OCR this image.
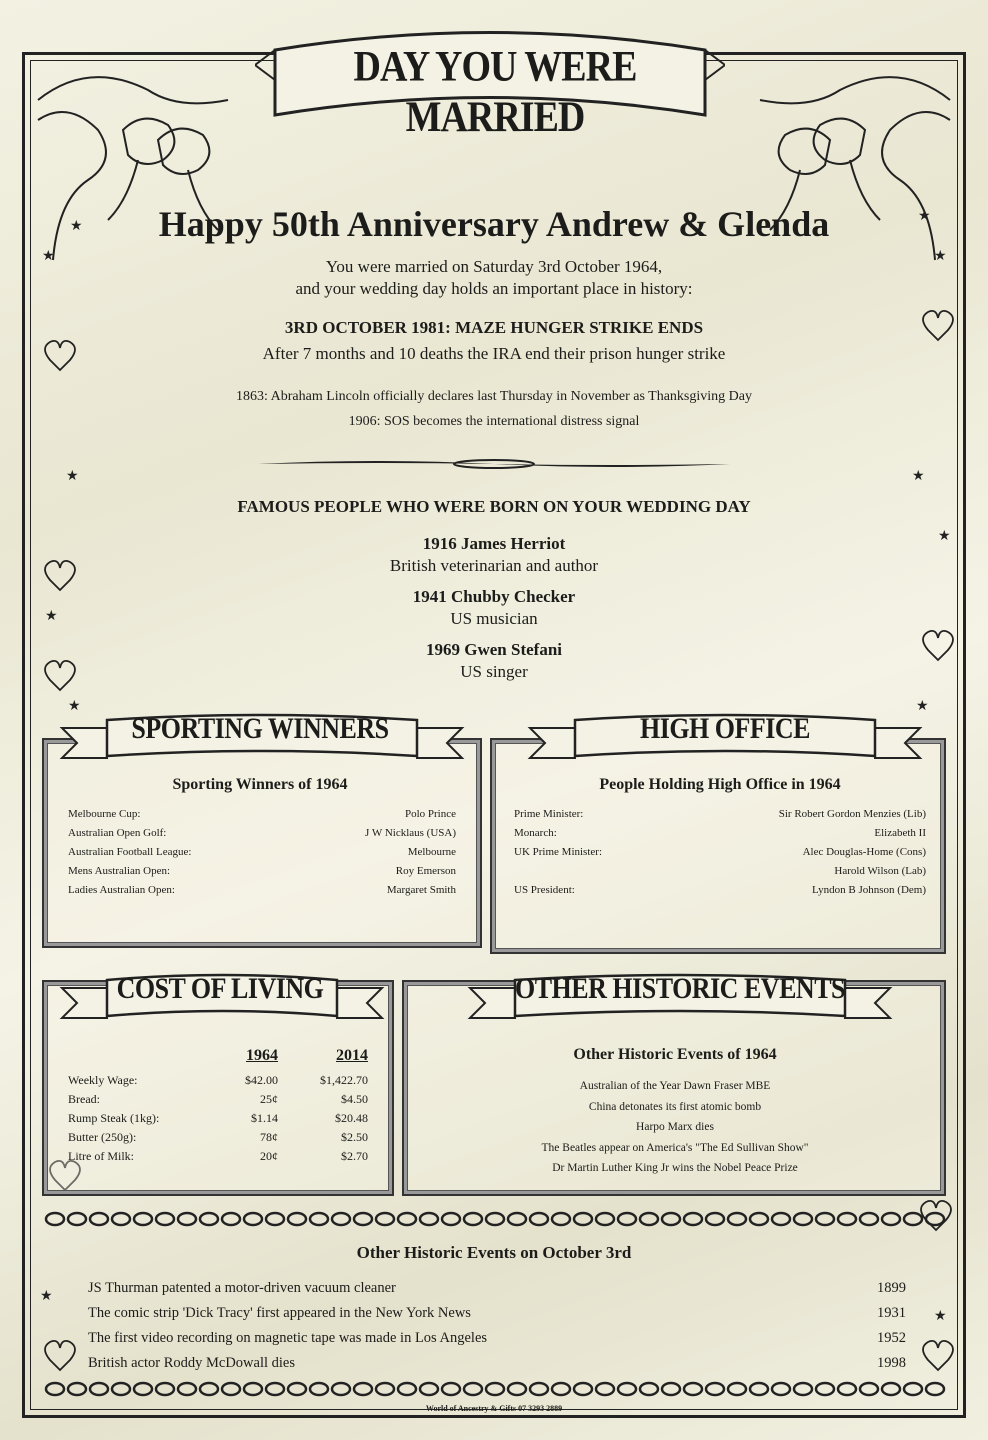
★
★
★
★
★
★
★
★
★
★
★
★
DAY YOU WERE MARRIED
Happy 50th Anniversary Andrew & Glenda
You were married on Saturday 3rd October 1964,
and your wedding day holds an important place in history:
3RD OCTOBER 1981: MAZE HUNGER STRIKE ENDS
After 7 months and 10 deaths the IRA end their prison hunger strike
1863: Abraham Lincoln officially declares last Thursday in November as Thanksgiving Day
1906: SOS becomes the international distress signal
FAMOUS PEOPLE WHO WERE BORN ON YOUR WEDDING DAY
1916 James Herriot
British veterinarian and author
1941 Chubby Checker
US musician
1969 Gwen Stefani
US singer
SPORTING WINNERS
Sporting Winners of 1964
Melbourne Cup:	Polo Prince
Australian Open Golf:	J W Nicklaus (USA)
Australian Football League:	Melbourne
Mens Australian Open:	Roy Emerson
Ladies Australian Open:	Margaret Smith
HIGH OFFICE
People Holding High Office in 1964
Prime Minister:	Sir Robert Gordon Menzies (Lib)
Monarch:	Elizabeth II
UK Prime Minister:	Alec Douglas-Home (Cons)
Harold Wilson (Lab)
US President:	Lyndon B Johnson (Dem)
COST OF LIVING
	1964	2014
Weekly Wage:	$42.00	$1,422.70
Bread:	25¢	$4.50
Rump Steak (1kg):	$1.14	$20.48
Butter (250g):	78¢	$2.50
Litre of Milk:	20¢	$2.70
OTHER HISTORIC EVENTS
Other Historic Events of 1964
Australian of the Year Dawn Fraser MBE
China detonates its first atomic bomb
Harpo Marx dies
The Beatles appear on America's "The Ed Sullivan Show"
Dr Martin Luther King Jr wins the Nobel Peace Prize
Other Historic Events on October 3rd
JS Thurman patented a motor-driven vacuum cleaner	1899
The comic strip 'Dick Tracy' first appeared in the New York News	1931
The first video recording on magnetic tape was made in Los Angeles	1952
British actor Roddy McDowall dies	1998
World of Ancestry & Gifts 07 3293 2889
